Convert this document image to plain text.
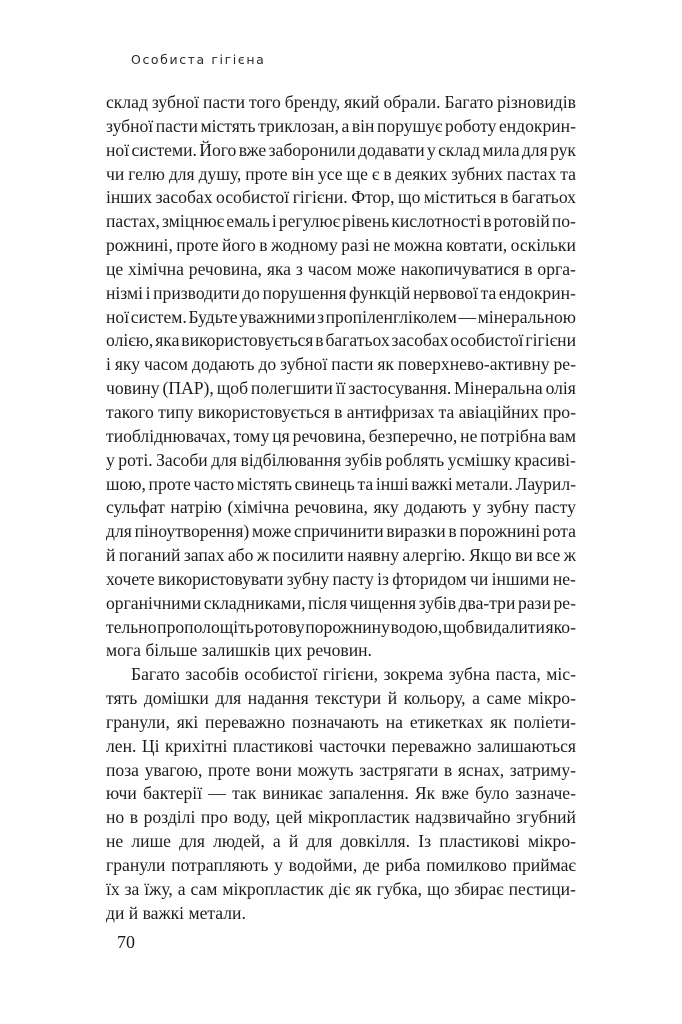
Особиста гігієна
склад зубної пасти того бренду, який обрали. Багато різновидів
зубної пасти містять триклозан, а він порушує роботу ендокрин-
ної системи. Його вже заборонили додавати у склад мила для рук
чи гелю для душу, проте він усе ще є в деяких зубних пастах та
інших засобах особистої гігієни. Фтор, що міститься в багатьох
пастах, зміцнює емаль і регулює рівень кислотності в ротовій по-
рожнині, проте його в жодному разі не можна ковтати, оскільки
це хімічна речовина, яка з часом може накопичуватися в орга-
нізмі і призводити до порушення функцій нервової та ендокрин-
ної систем. Будьте уважними з пропіленгліколем — мінеральною
олією, яка використовується в багатьох засобах особистої гігієни
і яку часом додають до зубної пасти як поверхнево-активну ре-
човину (ПАР), щоб полегшити її застосування. Мінеральна олія
такого типу використовується в антифризах та авіаційних про-
тиобліднювачах, тому ця речовина, безперечно, не потрібна вам
у роті. Засоби для відбілювання зубів роблять усмішку красиві-
шою, проте часто містять свинець та інші важкі метали. Лаурил-
сульфат натрію (хімічна речовина, яку додають у зубну пасту
для піноутворення) може спричинити виразки в порожнині рота
й поганий запах або ж посилити наявну алергію. Якщо ви все ж
хочете використовувати зубну пасту із фторидом чи іншими не-
органічними складниками, після чищення зубів два-три рази ре-
тельно прополощіть ротову порожнину водою, щоб видалити яко-
мога більше залишків цих речовин.
Багато засобів особистої гігієни, зокрема зубна паста, міс-
тять домішки для надання текстури й кольору, а саме мікро-
гранули, які переважно позначають на етикетках як поліети-
лен. Ці крихітні пластикові часточки переважно залишаються
поза увагою, проте вони можуть застрягати в яснах, затриму-
ючи бактерії — так виникає запалення. Як вже було зазначе-
но в розділі про воду, цей мікропластик надзвичайно згубний
не лише для людей, а й для довкілля. Із пластикові мікро-
гранули потрапляють у водойми, де риба помилково приймає
їх за їжу, а сам мікропластик діє як губка, що збирає пестици-
ди й важкі метали.
70
